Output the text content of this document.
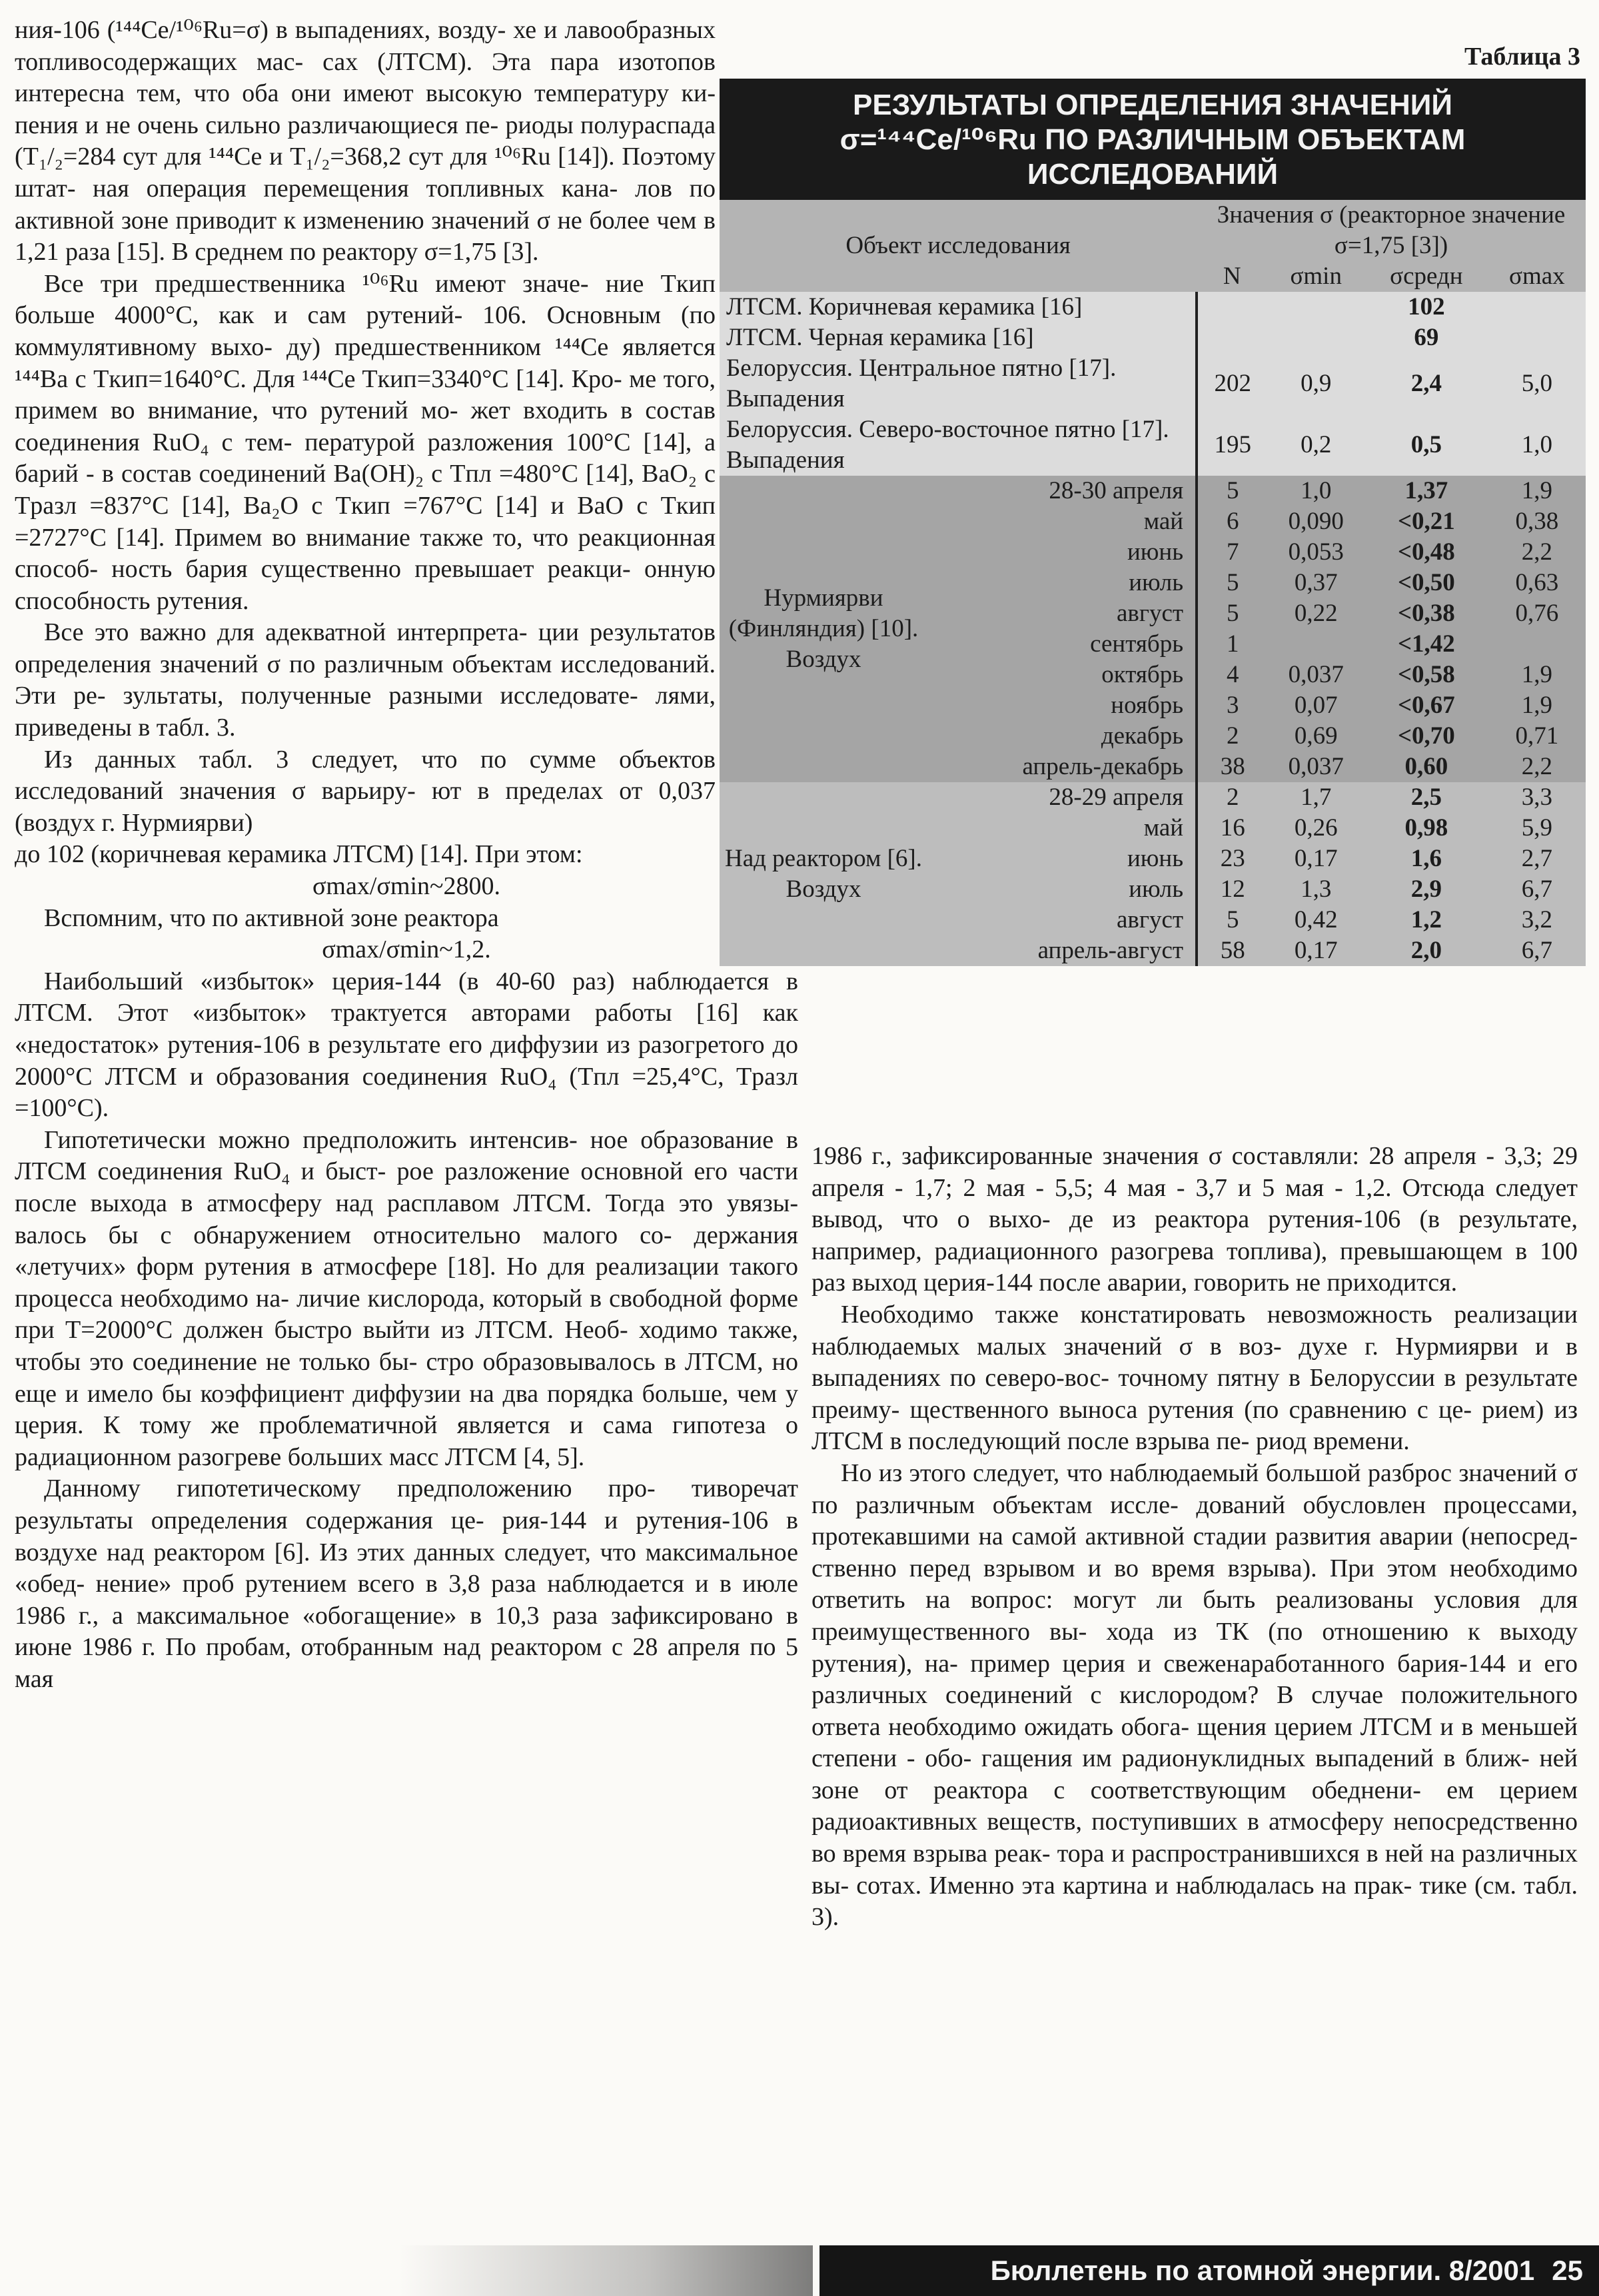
ния-106 (¹⁴⁴Ce/¹⁰⁶Ru=σ) в выпадениях, возду- хе и лавообразных топливосодержащих мас- сах (ЛТСМ). Эта пара изотопов интересна тем, что оба они имеют высокую температуру ки- пения и не очень сильно различающиеся пе- риоды полураспада (T₁/₂=284 сут для ¹⁴⁴Ce и T₁/₂=368,2 сут для ¹⁰⁶Ru [14]). Поэтому штат- ная операция перемещения топливных кана- лов по активной зоне приводит к изменению значений σ не более чем в 1,21 раза [15]. В среднем по реактору σ=1,75 [3].

Все три предшественника ¹⁰⁶Ru имеют значе- ние Tкип больше 4000°C, как и сам рутений- 106. Основным (по коммулятивному выхо- ду) предшественником ¹⁴⁴Ce является ¹⁴⁴Ba с Tкип=1640°C. Для ¹⁴⁴Ce Tкип=3340°C [14]. Кро- ме того, примем во внимание, что рутений мо- жет входить в состав соединения RuO₄ с тем- пературой разложения 100°C [14], а барий - в состав соединений Ba(OH)₂ с Tпл =480°C [14], BaO₂ с Tразл =837°C [14], Ba₂O с Tкип =767°C [14] и BaO с Tкип =2727°C [14]. Примем во внимание также то, что реакционная способ- ность бария существенно превышает реакци- онную способность рутения.

Все это важно для адекватной интерпрета- ции результатов определения значений σ по различным объектам исследований. Эти ре- зультаты, полученные разными исследовате- лями, приведены в табл. 3.

Из данных табл. 3 следует, что по сумме объектов исследований значения σ варьиру- ют в пределах от 0,037 (воздух г. Нурмиярви)

до 102 (коричневая керамика ЛТСМ) [14]. При этом:

σmax/σmin~2800.

Вспомним, что по активной зоне реактора

σmax/σmin~1,2.

Наибольший «избыток» церия-144 (в 40-60 раз) наблюдается в ЛТСМ. Этот «избыток» трактуется авторами работы [16] как «недостаток» рутения-106 в результате его диффузии из разогретого до 2000°C ЛТСМ и образования соединения RuO₄ (Tпл =25,4°C, Tразл =100°C).

Гипотетически можно предположить интенсив- ное образование в ЛТСМ соединения RuO₄ и быст- рое разложение основной его части после выхода в атмосферу над расплавом ЛТСМ. Тогда это увязы- валось бы с обнаружением относительно малого со- держания «летучих» форм рутения в атмосфере [18]. Но для реализации такого процесса необходимо на- личие кислорода, который в свободной форме при T=2000°C должен быстро выйти из ЛТСМ. Необ- ходимо также, чтобы это соединение не только бы- стро образовывалось в ЛТСМ, но еще и имело бы коэффициент диффузии на два порядка больше, чем у церия. К тому же проблематичной является и сама гипотеза о радиационном разогреве больших масс ЛТСМ [4, 5].

Данному гипотетическому предположению про- тиворечат результаты определения содержания це- рия-144 и рутения-106 в воздухе над реактором [6]. Из этих данных следует, что максимальное «обед- нение» проб рутением всего в 3,8 раза наблюдается и в июле 1986 г., а максимальное «обогащение» в 10,3 раза зафиксировано в июне 1986 г. По пробам, отобранным над реактором с 28 апреля по 5 мая

Таблица 3
РЕЗУЛЬТАТЫ ОПРЕДЕЛЕНИЯ ЗНАЧЕНИЙ
σ=¹⁴⁴Ce/¹⁰⁶Ru ПО РАЗЛИЧНЫМ ОБЪЕКТАМ
ИССЛЕДОВАНИЙ
Объект исследования		Значения σ (реакторное значение σ=1,75 [3])			
		N	σmin	σсредн	σmax
ЛТСМ. Коричневая керамика [16]				102	
ЛТСМ. Черная керамика [16]				69	
Белоруссия. Центральное пятно [17]. Выпадения		202	0,9	2,4	5,0
Белоруссия. Северо-восточное пятно [17]. Выпадения		195	0,2	0,5	1,0
Нурмиярви (Финляндия) [10]. Воздух	28-30 апреля	5	1,0	1,37	1,9
	май	6	0,090	<0,21	0,38
	июнь	7	0,053	<0,48	2,2
	июль	5	0,37	<0,50	0,63
	август	5	0,22	<0,38	0,76
	сентябрь	1		<1,42	
	октябрь	4	0,037	<0,58	1,9
	ноябрь	3	0,07	<0,67	1,9
	декабрь	2	0,69	<0,70	0,71
	апрель-декабрь	38	0,037	0,60	2,2
Над реактором [6]. Воздух	28-29 апреля	2	1,7	2,5	3,3
	май	16	0,26	0,98	5,9
	июнь	23	0,17	1,6	2,7
	июль	12	1,3	2,9	6,7
	август	5	0,42	1,2	3,2
	апрель-август	58	0,17	2,0	6,7

1986 г., зафиксированные значения σ составляли: 28 апреля - 3,3; 29 апреля - 1,7; 2 мая - 5,5; 4 мая - 3,7 и 5 мая - 1,2. Отсюда следует вывод, что о выхо- де из реактора рутения-106 (в результате, например, радиационного разогрева топлива), превышающем в 100 раз выход церия-144 после аварии, говорить не приходится.

Необходимо также констатировать невозможность реализации наблюдаемых малых значений σ в воз- духе г. Нурмиярви и в выпадениях по северо-вос- точному пятну в Белоруссии в результате преиму- щественного выноса рутения (по сравнению с це- рием) из ЛТСМ в последующий после взрыва пе- риод времени.

Но из этого следует, что наблюдаемый большой разброс значений σ по различным объектам иссле- дований обусловлен процессами, протекавшими на самой активной стадии развития аварии (непосред- ственно перед взрывом и во время взрыва). При этом необходимо ответить на вопрос: могут ли быть реализованы условия для преимущественного вы- хода из ТК (по отношению к выходу рутения), на- пример церия и свеженаработанного бария-144 и его различных соединений с кислородом? В случае положительного ответа необходимо ожидать обога- щения церием ЛТСМ и в меньшей степени - обо- гащения им радионуклидных выпадений в ближ- ней зоне от реактора с соответствующим обеднени- ем церием радиоактивных веществ, поступивших в атмосферу непосредственно во время взрыва реак- тора и распространившихся в ней на различных вы- сотах. Именно эта картина и наблюдалась на прак- тике (см. табл. 3).

Бюллетень по атомной энергии. 8/2001 25
